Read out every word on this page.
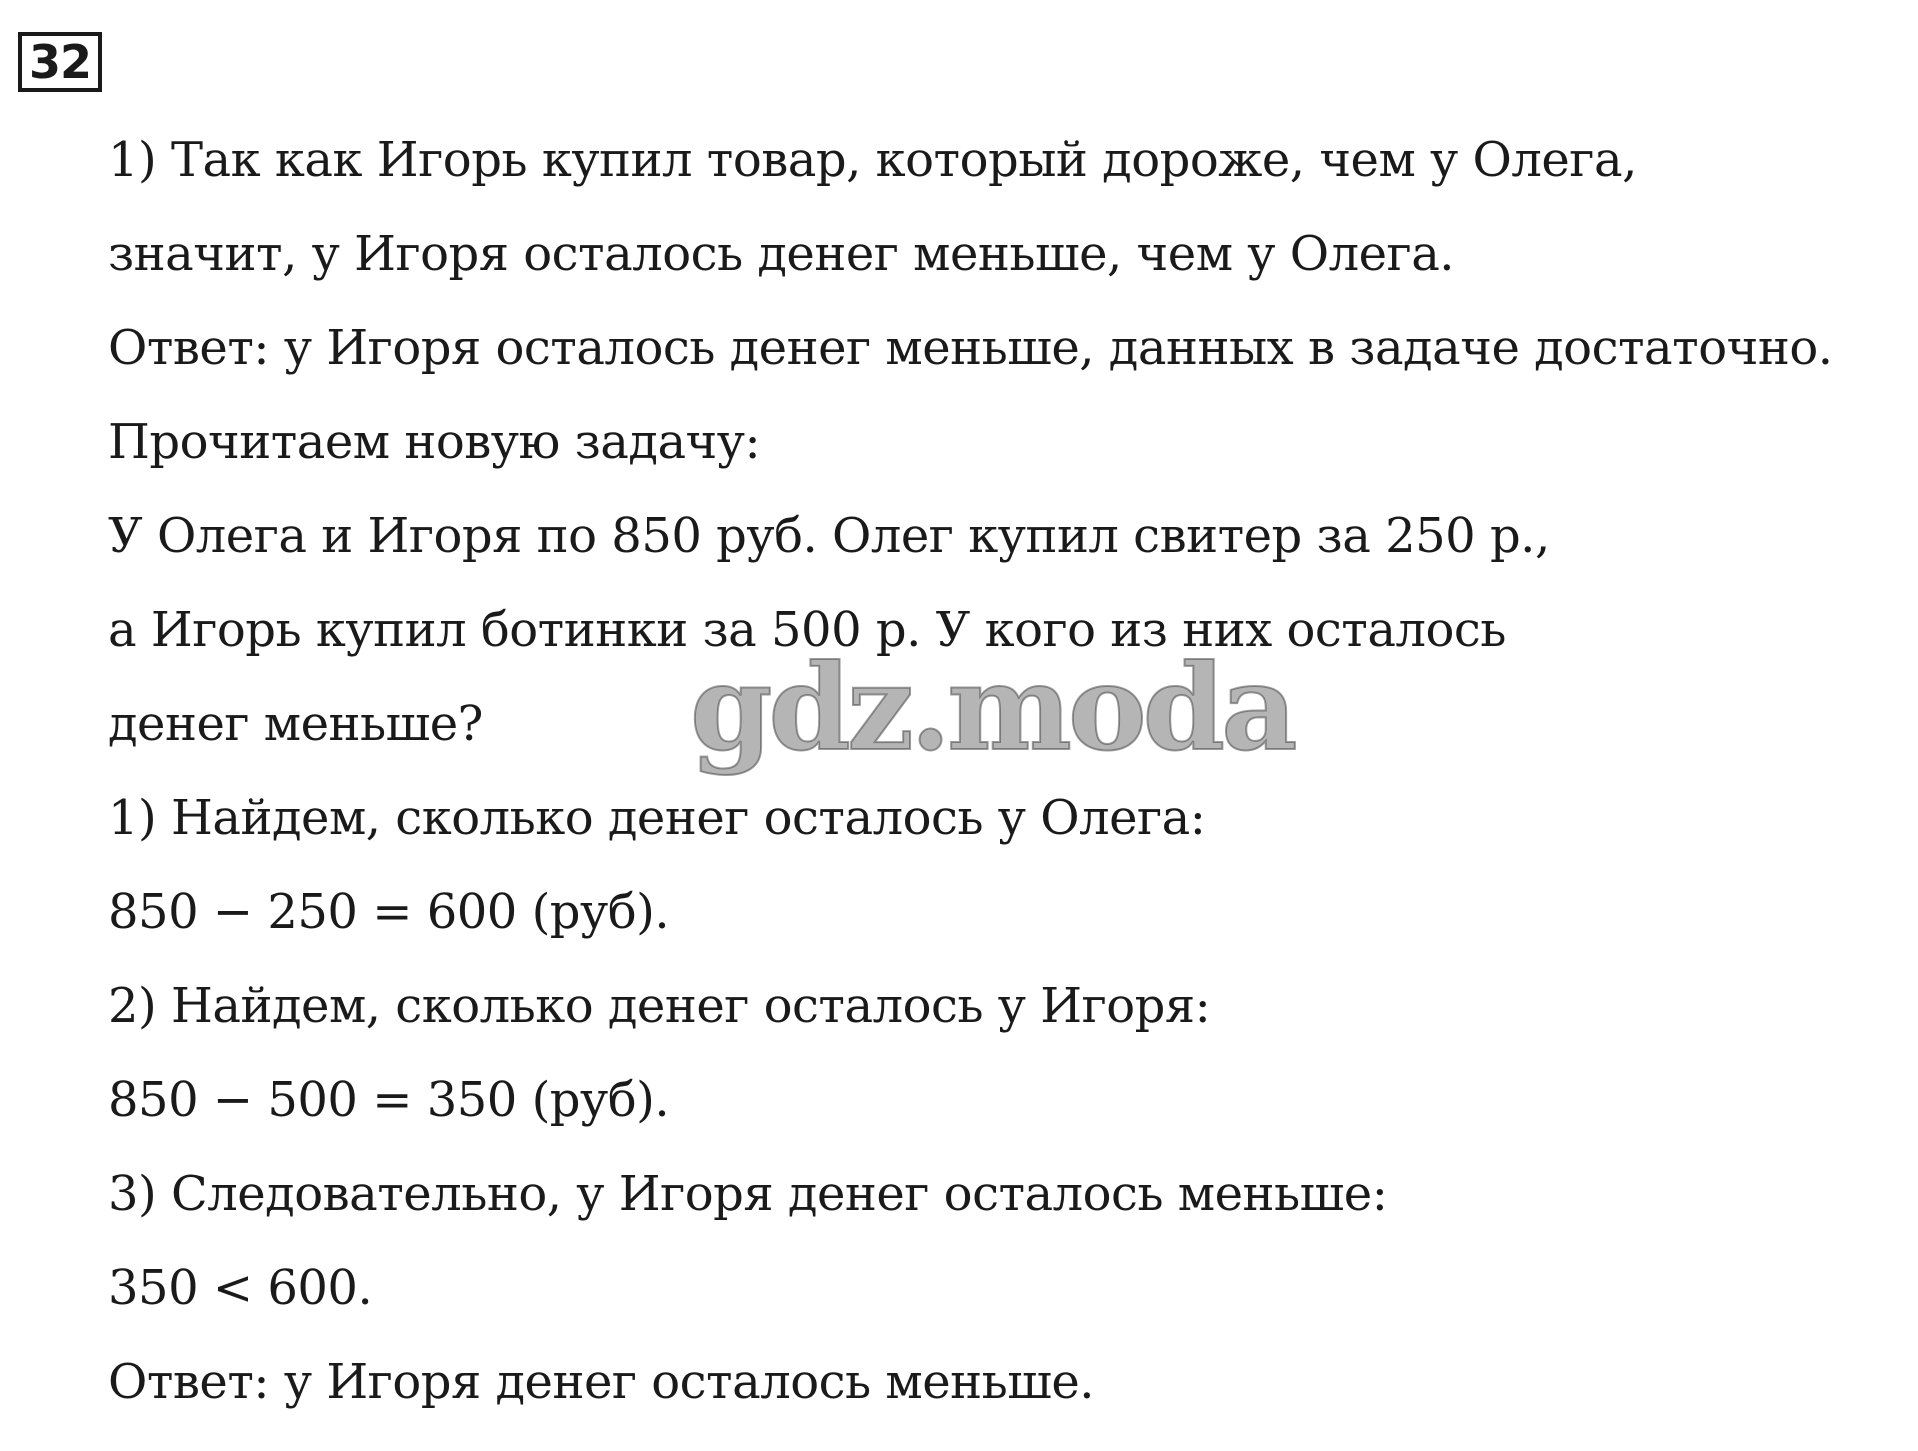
32
1) Так как Игорь купил товар, который дороже, чем у Олега,
значит, у Игоря осталось денег меньше, чем у Олега.
Ответ: у Игоря осталось денег меньше, данных в задаче достаточно.
Прочитаем новую задачу:
У Олега и Игоря по 850 руб. Олег купил свитер за 250 р.,
а Игорь купил ботинки за 500 р. У кого из них осталось
денег меньше?
1) Найдем, сколько денег осталось у Олега:
850 − 250 = 600 (руб).
2) Найдем, сколько денег осталось у Игоря:
850 − 500 = 350 (руб).
3) Следовательно, у Игоря денег осталось меньше:
350 < 600.
Ответ: у Игоря денег осталось меньше.
gdz.moda
